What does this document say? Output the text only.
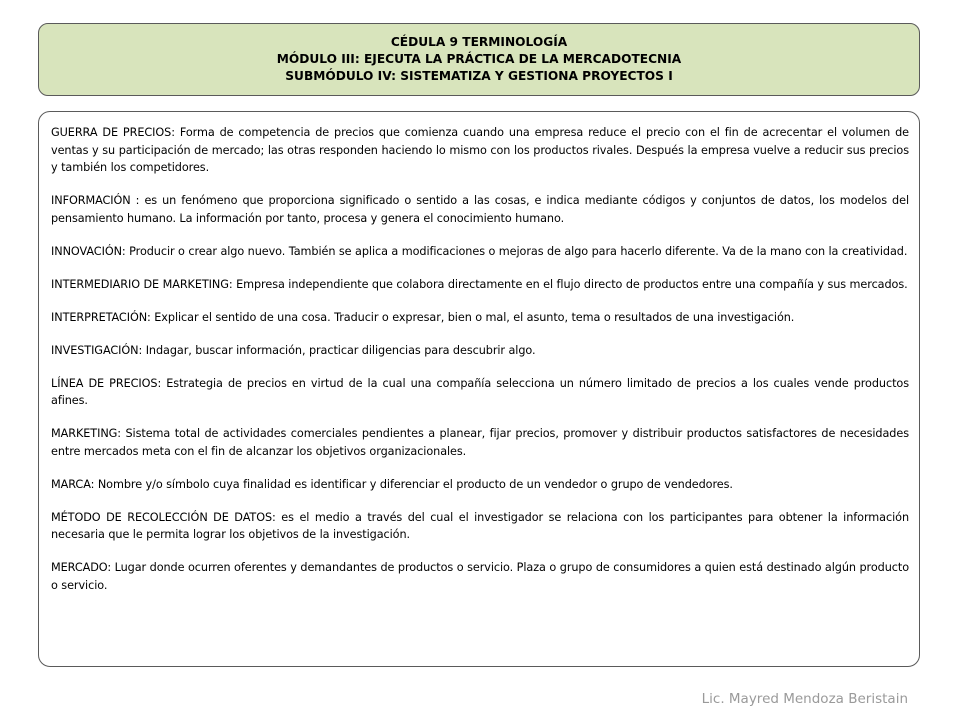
CÉDULA 9 TERMINOLOGÍA
MÓDULO III: EJECUTA LA PRÁCTICA DE LA MERCADOTECNIA
SUBMÓDULO IV: SISTEMATIZA Y GESTIONA PROYECTOS I

GUERRA DE PRECIOS: Forma de competencia de precios que comienza cuando una empresa reduce el precio con el fin de acrecentar el volumen de ventas y su participación de mercado; las otras responden haciendo lo mismo con los productos rivales. Después la empresa vuelve a reducir sus precios y también los competidores.

INFORMACIÓN : es un fenómeno que proporciona significado o sentido a las cosas, e indica mediante códigos y conjuntos de datos, los modelos del pensamiento humano. La información por tanto, procesa y genera el conocimiento humano.

INNOVACIÓN: Producir o crear algo nuevo. También se aplica a modificaciones o mejoras de algo para hacerlo diferente. Va de la mano con la creatividad.

INTERMEDIARIO DE MARKETING: Empresa independiente que colabora directamente en el flujo directo de productos entre una compañía y sus mercados.

INTERPRETACIÓN: Explicar el sentido de una cosa. Traducir o expresar, bien o mal, el asunto, tema o resultados de una investigación.

INVESTIGACIÓN: Indagar, buscar información, practicar diligencias para descubrir algo.

LÍNEA DE PRECIOS: Estrategia de precios en virtud de la cual una compañía selecciona un número limitado de precios a los cuales vende productos afines.

MARKETING: Sistema total de actividades comerciales pendientes a planear, fijar precios, promover y distribuir productos satisfactores de necesidades entre mercados meta con el fin de alcanzar los objetivos organizacionales.

MARCA: Nombre y/o símbolo cuya finalidad es identificar y diferenciar el producto de un vendedor o grupo de vendedores.

MÉTODO DE RECOLECCIÓN DE DATOS: es el medio a través del cual el investigador se relaciona con los participantes para obtener la información necesaria que le permita lograr los objetivos de la investigación.

MERCADO: Lugar donde ocurren oferentes y demandantes de productos o servicio. Plaza o grupo de consumidores a quien está destinado algún producto o servicio.

Lic. Mayred Mendoza Beristain
